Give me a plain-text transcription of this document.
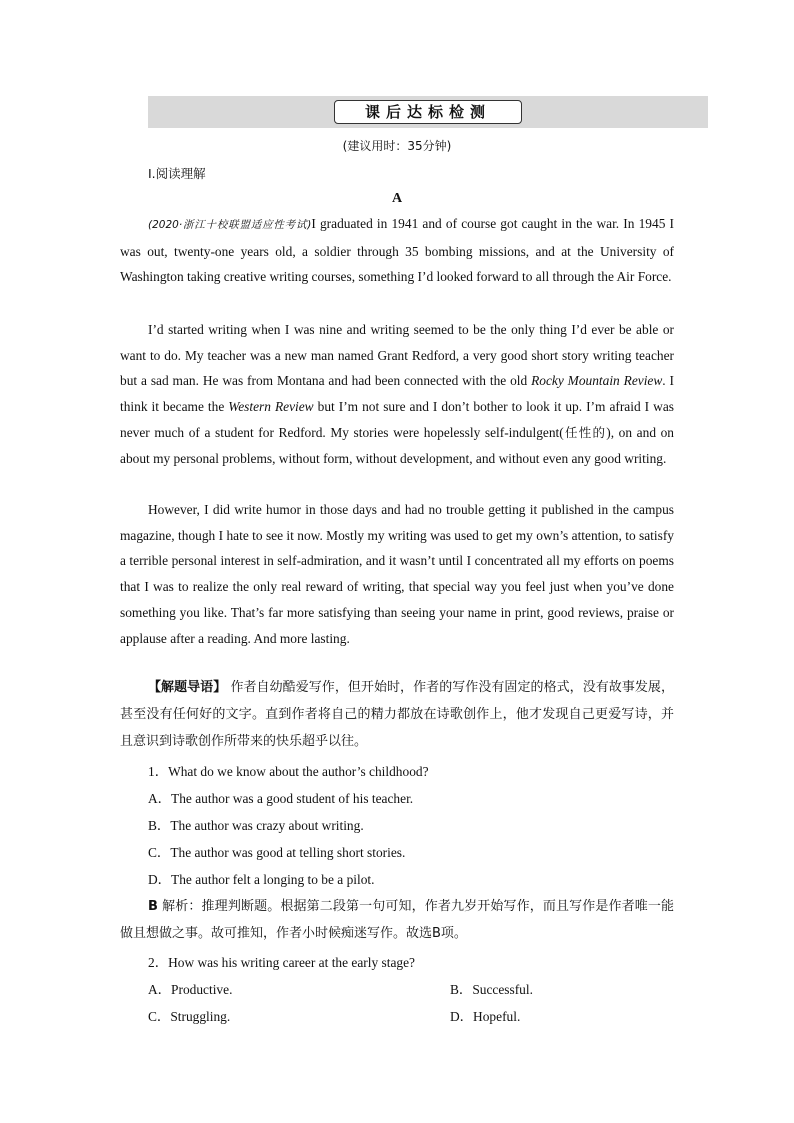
课后达标检测
(建议用时：35分钟)
Ⅰ.阅读理解
A

(2020·浙江十校联盟适应性考试)I graduated in 1941 and of course got caught in the war. In 1945 I was out, twenty-one years old, a soldier through 35 bombing missions, and at the University of Washington taking creative writing courses, something I’d looked forward to all through the Air Force.

I’d started writing when I was nine and writing seemed to be the only thing I’d ever be able or want to do. My teacher was a new man named Grant Redford, a very good short story writing teacher but a sad man. He was from Montana and had been connected with the old Rocky Mountain Review. I think it became the Western Review but I’m not sure and I don’t bother to look it up. I’m afraid I was never much of a student for Redford. My stories were hopelessly self-indulgent(任性的), on and on about my personal problems, without form, without development, and without even any good writing.

However, I did write humor in those days and had no trouble getting it published in the campus magazine, though I hate to see it now. Mostly my writing was used to get my own’s attention, to satisfy a terrible personal interest in self-admiration, and it wasn’t until I concentrated all my efforts on poems that I was to realize the only real reward of writing, that special way you feel just when you’ve done something you like. That’s far more satisfying than seeing your name in print, good reviews, praise or applause after a reading. And more lasting.

【解题导语】 作者自幼酷爱写作，但开始时，作者的写作没有固定的格式，没有故事发展，甚至没有任何好的文字。直到作者将自己的精力都放在诗歌创作上，他才发现自己更爱写诗，并且意识到诗歌创作所带来的快乐超乎以往。

1．What do we know about the author’s childhood?
A．The author was a good student of his teacher.
B．The author was crazy about writing.
C．The author was good at telling short stories.
D．The author felt a longing to be a pilot.

B 解析：推理判断题。根据第二段第一句可知，作者九岁开始写作，而且写作是作者唯一能做且想做之事。故可推知，作者小时候痴迷写作。故选B项。

2．How was his writing career at the early stage?
A．Productive.	B．Successful.
C．Struggling.	D．Hopeful.
